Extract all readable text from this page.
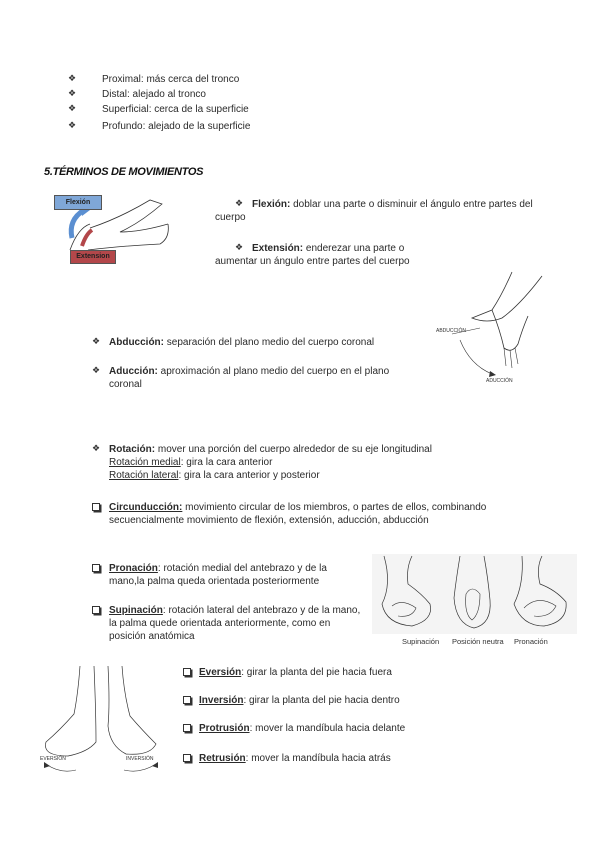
❖	Proximal: más cerca del tronco
❖	Distal: alejado al tronco
❖	Superficial: cerca de la superficie
❖	Profundo: alejado de la superficie
5.TÉRMINOS DE MOVIMIENTOS
Flexión
Extension
❖ Flexión: doblar una parte o disminuir el ángulo entre partes del cuerpo
❖ Extensión: enderezar una parte o aumentar un ángulo entre partes del cuerpo
ABDUCCIÓN
ADUCCIÓN
❖ Abducción: separación del plano medio del cuerpo coronal
❖ Aducción: aproximación al plano medio del cuerpo en el plano coronal
❖ Rotación: mover una porción del cuerpo alrededor de su eje longitudinal
Rotación medial: gira la cara anterior
Rotación lateral: gira la cara anterior y posterior
Circunducción: movimiento circular de los miembros, o partes de ellos, combinando secuencialmente movimiento de flexión, extensión, aducción, abducción
Pronación: rotación medial del antebrazo y de la mano,la palma queda orientada posteriormente
Supinación: rotación lateral del antebrazo y de la mano, la palma quede orientada anteriormente, como en posición anatómica	Supinación Posición neutra Pronación
EVERSIÓN	INVERSIÓN
Eversión: girar la planta del pie hacia fuera
Inversión: girar la planta del pie hacia dentro
Protrusión: mover la mandíbula hacia delante
Retrusión: mover la mandíbula hacia atrás
